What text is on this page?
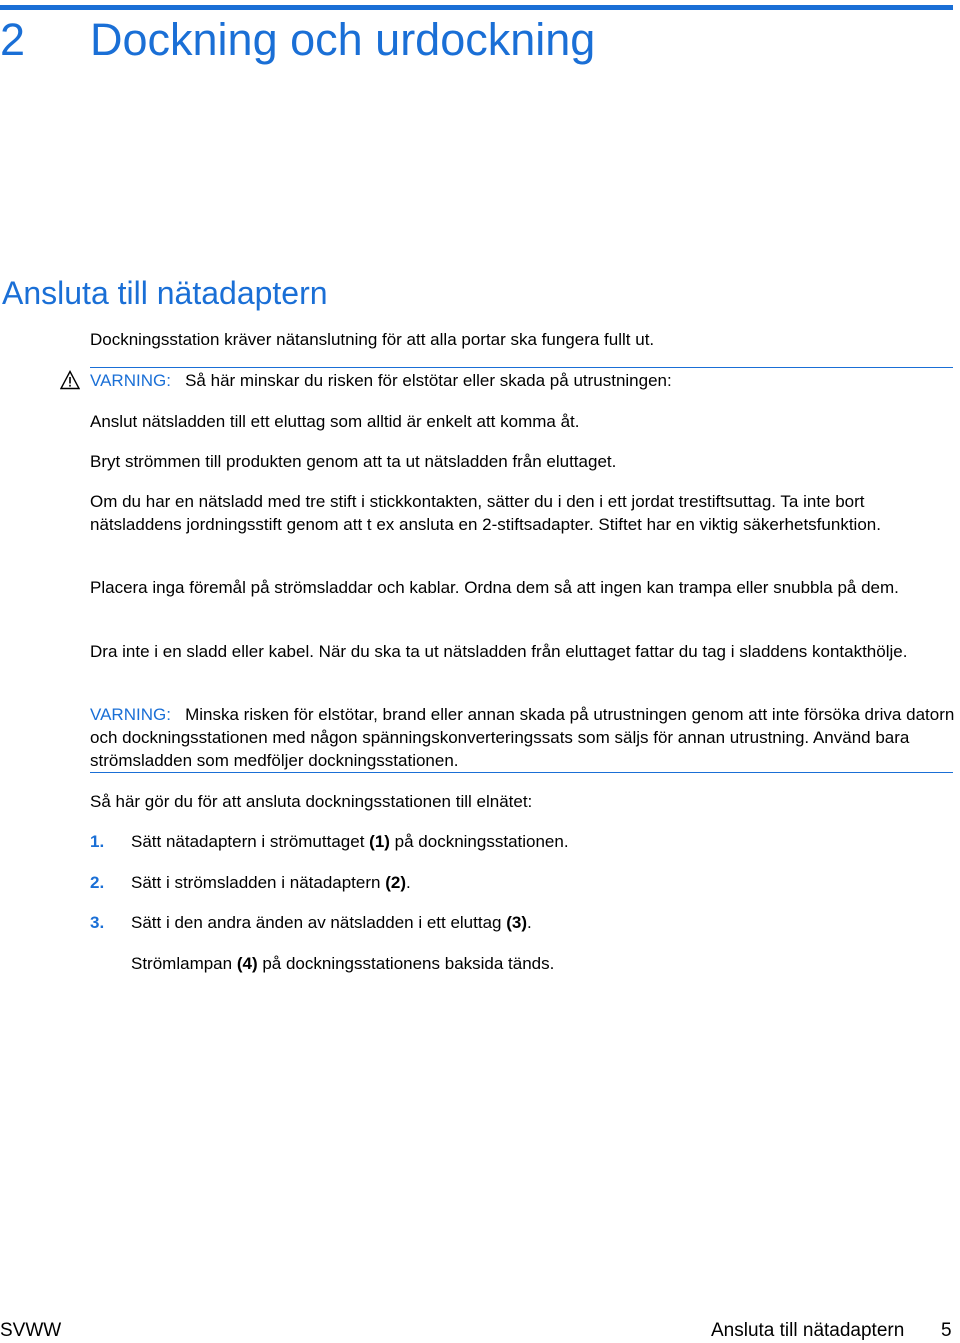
2 Dockning och urdockning
Ansluta till nätadaptern
Dockningsstation kräver nätanslutning för att alla portar ska fungera fullt ut.
VARNING: Så här minskar du risken för elstötar eller skada på utrustningen:
Anslut nätsladden till ett eluttag som alltid är enkelt att komma åt.
Bryt strömmen till produkten genom att ta ut nätsladden från eluttaget.
Om du har en nätsladd med tre stift i stickkontakten, sätter du i den i ett jordat trestiftsuttag. Ta inte bort nätsladdens jordningsstift genom att t ex ansluta en 2-stiftsadapter. Stiftet har en viktig säkerhetsfunktion.
Placera inga föremål på strömsladdar och kablar. Ordna dem så att ingen kan trampa eller snubbla på dem.
Dra inte i en sladd eller kabel. När du ska ta ut nätsladden från eluttaget fattar du tag i sladdens kontakthölje.
VARNING: Minska risken för elstötar, brand eller annan skada på utrustningen genom att inte försöka driva datorn och dockningsstationen med någon spänningskonverteringssats som säljs för annan utrustning. Använd bara strömsladden som medföljer dockningsstationen.
Så här gör du för att ansluta dockningsstationen till elnätet:
1. Sätt nätadaptern i strömuttaget (1) på dockningsstationen.
2. Sätt i strömsladden i nätadaptern (2).
3. Sätt i den andra änden av nätsladden i ett eluttag (3).
Strömlampan (4) på dockningsstationens baksida tänds.
SVWW	Ansluta till nätadaptern 5
